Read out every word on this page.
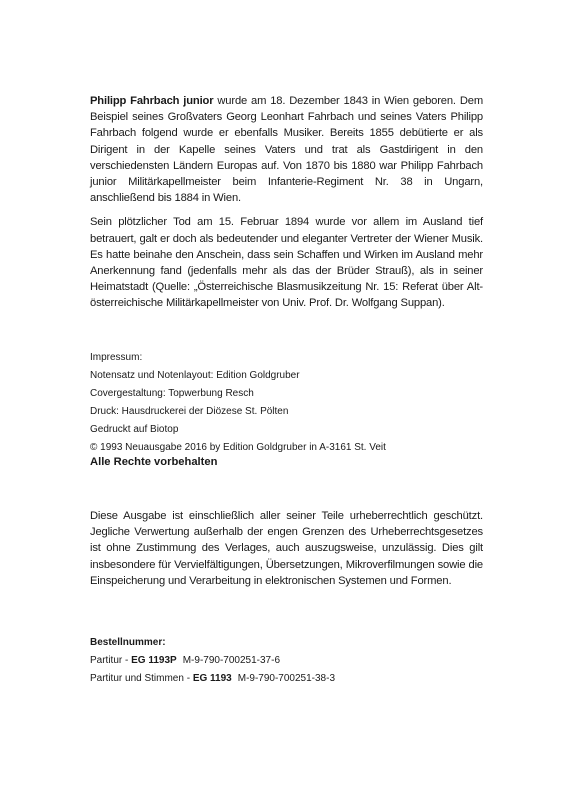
Philipp Fahrbach junior wurde am 18. Dezember 1843 in Wien geboren. Dem Beispiel seines Großvaters Georg Leonhart Fahrbach und seines Vaters Philipp Fahrbach folgend wurde er ebenfalls Musiker. Bereits 1855 debütierte er als Dirigent in der Kapelle seines Vaters und trat als Gastdirigent in den verschiedensten Ländern Europas auf. Von 1870 bis 1880 war Philipp Fahrbach junior Militärkapellmeister beim Infanterie-Regiment Nr. 38 in Ungarn, anschließend bis 1884 in Wien.

Sein plötzlicher Tod am 15. Februar 1894 wurde vor allem im Ausland tief betrauert, galt er doch als bedeutender und eleganter Vertreter der Wiener Musik. Es hatte beinahe den Anschein, dass sein Schaffen und Wirken im Ausland mehr Anerkennung fand (jedenfalls mehr als das der Brüder Strauß), als in seiner Heimatstadt (Quelle: „Österreichische Blasmusikzeitung Nr. 15: Referat über Alt-österreichische Militärkapellmeister von Univ. Prof. Dr. Wolfgang Suppan).

Impressum:
Notensatz und Notenlayout: Edition Goldgruber
Covergestaltung: Topwerbung Resch
Druck: Hausdruckerei der Diözese St. Pölten
Gedruckt auf Biotop
© 1993 Neuausgabe 2016 by Edition Goldgruber in A-3161 St. Veit
Alle Rechte vorbehalten
Diese Ausgabe ist einschließlich aller seiner Teile urheberrechtlich geschützt. Jegliche Verwertung außerhalb der engen Grenzen des Urheberrechtsgesetzes ist ohne Zustimmung des Verlages, auch auszugsweise, unzulässig. Dies gilt insbesondere für Vervielfältigungen, Übersetzungen, Mikroverfilmungen sowie die Einspeicherung und Verarbeitung in elektronischen Systemen und Formen.
Bestellnummer:
Partitur - EG 1193P M-9-790-700251-37-6
Partitur und Stimmen - EG 1193 M-9-790-700251-38-3
